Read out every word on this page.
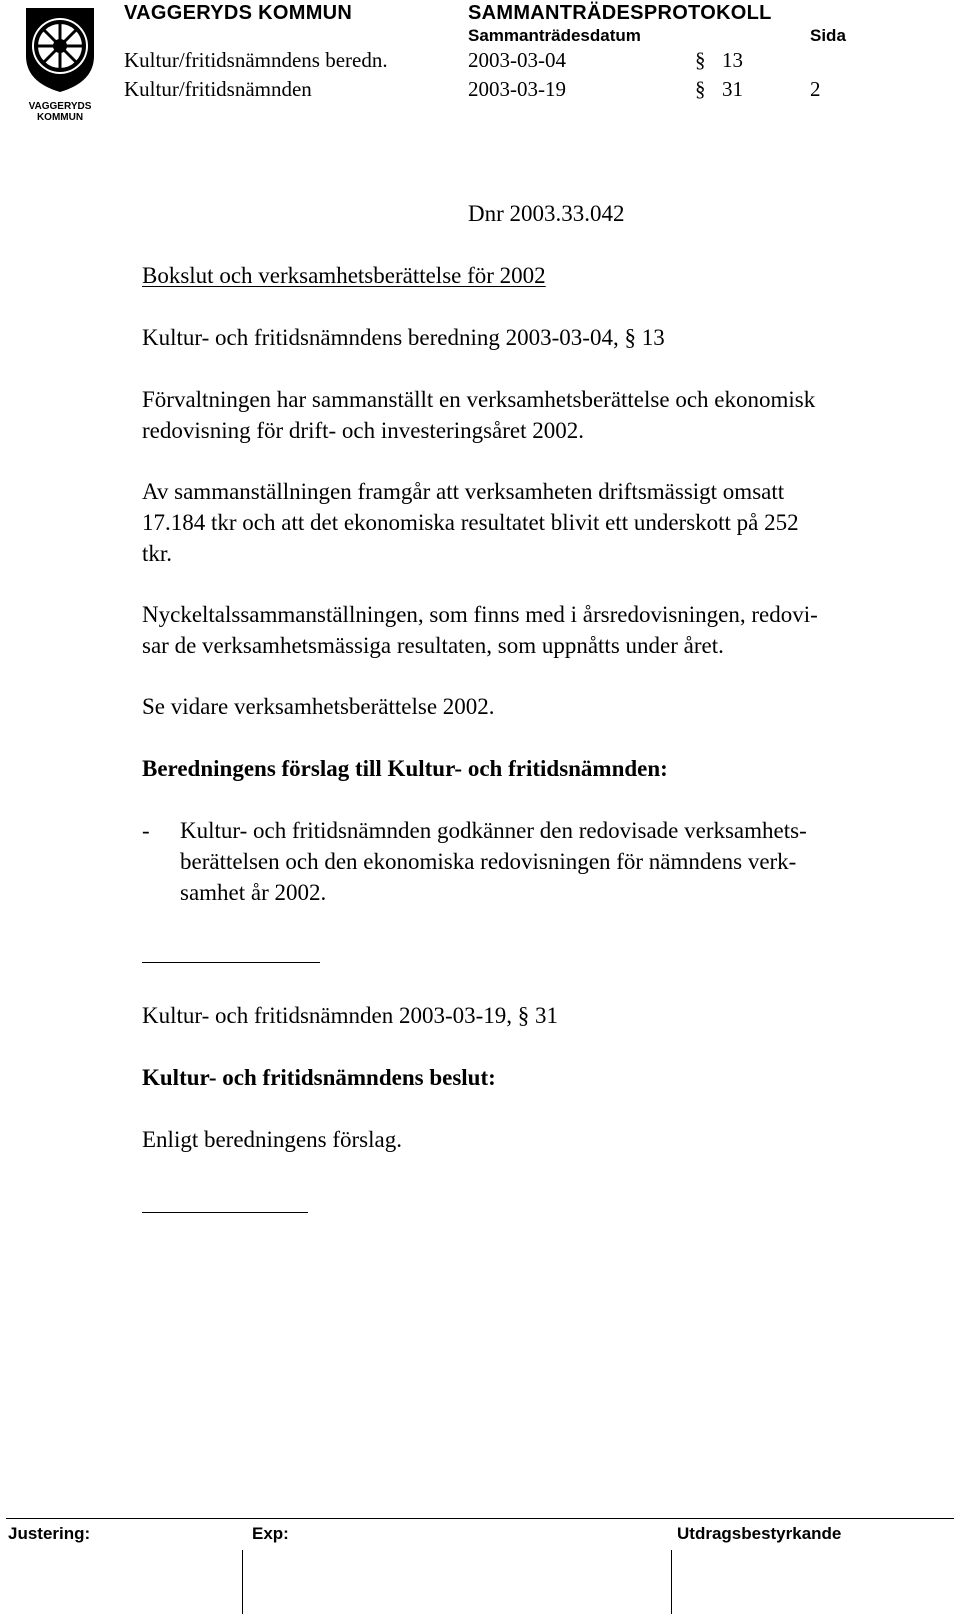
VAGGERYDS
KOMMUN
VAGGERYDS KOMMUN	SAMMANTRÄDESPROTOKOLL
Sammanträdesdatum	Sida
Kultur/fritidsnämndens beredn.	2003-03-04	§ 13
Kultur/fritidsnämnden	2003-03-19	§ 31	2
Dnr 2003.33.042
Bokslut och verksamhetsberättelse för 2002
Kultur- och fritidsnämndens beredning 2003-03-04, § 13
Förvaltningen har sammanställt en verksamhetsberättelse och ekonomisk
redovisning för drift- och investeringsåret 2002.
Av sammanställningen framgår att verksamheten driftsmässigt omsatt
17.184 tkr och att det ekonomiska resultatet blivit ett underskott på 252
tkr.
Nyckeltalssammanställningen, som finns med i årsredovisningen, redovi-
sar de verksamhetsmässiga resultaten, som uppnåtts under året.
Se vidare verksamhetsberättelse 2002.
Beredningens förslag till Kultur- och fritidsnämnden:
- Kultur- och fritidsnämnden godkänner den redovisade verksamhets-
berättelsen och den ekonomiska redovisningen för nämndens verk-
samhet år 2002.
Kultur- och fritidsnämnden 2003-03-19, § 31
Kultur- och fritidsnämndens beslut:
Enligt beredningens förslag.
Justering:	Exp:	Utdragsbestyrkande
